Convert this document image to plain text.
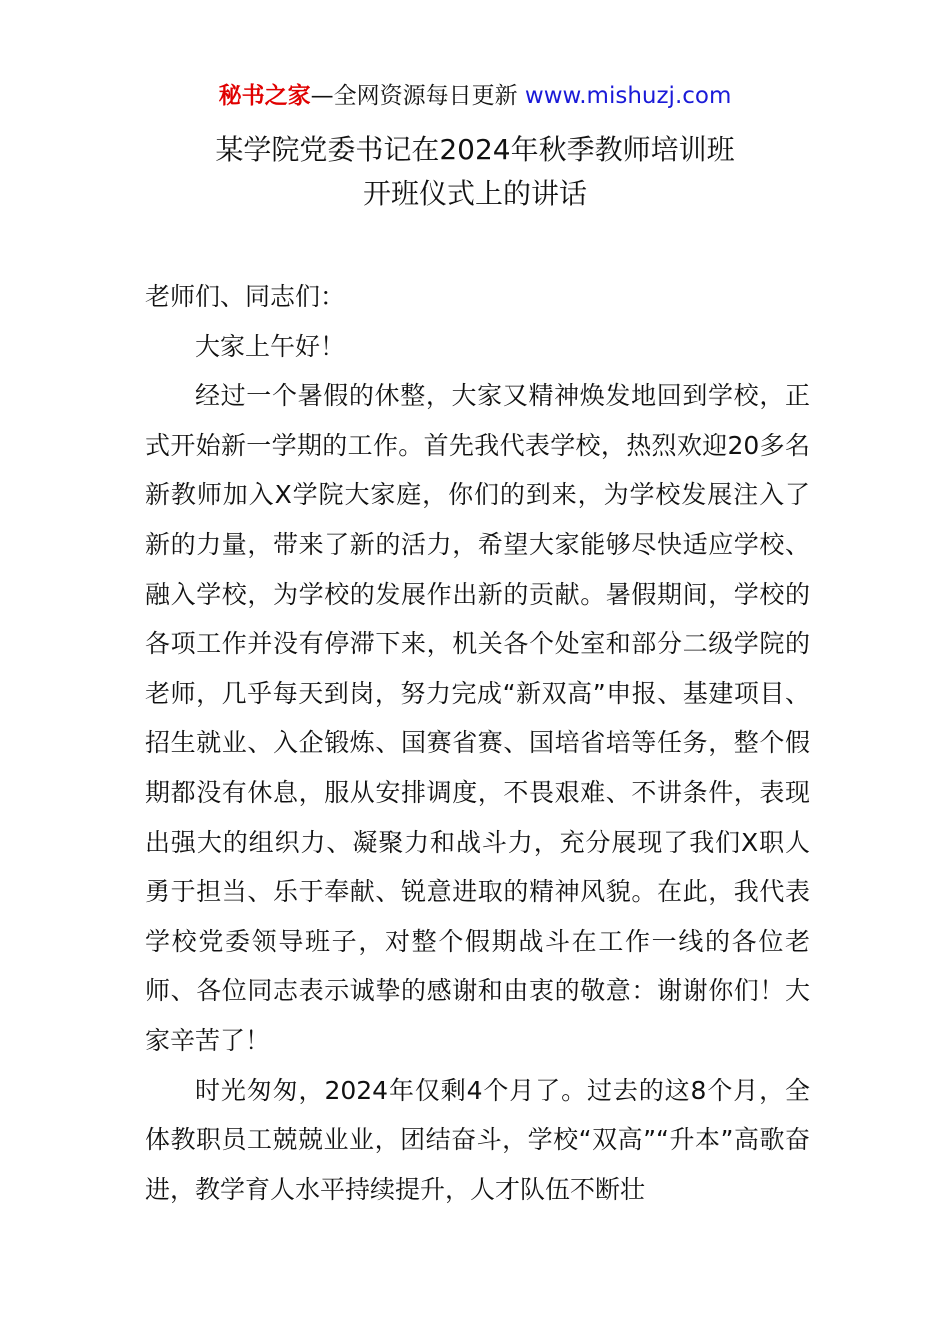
秘书之家—全网资源每日更新 www.mishuzj.com
某学院党委书记在2024年秋季教师培训班
开班仪式上的讲话

老师们、同志们：

大家上午好！

经过一个暑假的休整，大家又精神焕发地回到学校，正式开始新一学期的工作。首先我代表学校，热烈欢迎20多名新教师加入X学院大家庭，你们的到来，为学校发展注入了新的力量，带来了新的活力，希望大家能够尽快适应学校、融入学校，为学校的发展作出新的贡献。暑假期间，学校的各项工作并没有停滞下来，机关各个处室和部分二级学院的老师，几乎每天到岗，努力完成“新双高”申报、基建项目、招生就业、入企锻炼、国赛省赛、国培省培等任务，整个假期都没有休息，服从安排调度，不畏艰难、不讲条件，表现出强大的组织力、凝聚力和战斗力，充分展现了我们X职人勇于担当、乐于奉献、锐意进取的精神风貌。在此，我代表学校党委领导班子，对整个假期战斗在工作一线的各位老师、各位同志表示诚挚的感谢和由衷的敬意：谢谢你们！大家辛苦了！

时光匆匆，2024年仅剩4个月了。过去的这8个月，全体教职员工兢兢业业，团结奋斗，学校“双高”“升本”高歌奋进，教学育人水平持续提升，人才队伍不断壮
